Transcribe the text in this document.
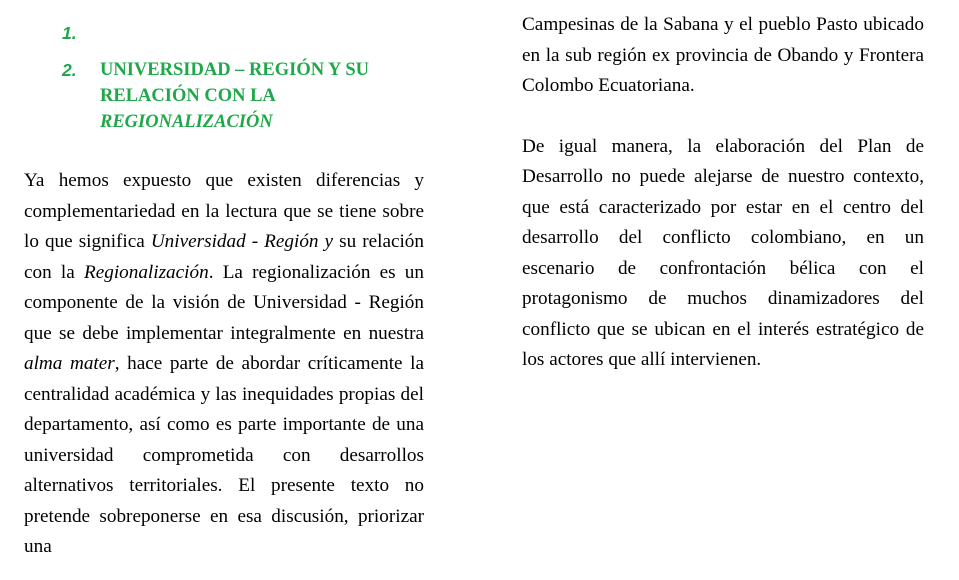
1.
2.	UNIVERSIDAD – REGIÓN Y SU
RELACIÓN CON LA
REGIONALIZACIÓN

Ya hemos expuesto que existen diferencias y complementariedad en la lectura que se tiene sobre lo que significa Universidad - Región y su relación con la Regionalización. La regionalización es un componente de la visión de Universidad - Región que se debe implementar integralmente en nuestra alma mater, hace parte de abordar críticamente la centralidad académica y las inequidades propias del departamento, así como es parte importante de una universidad comprometida con desarrollos alternativos territoriales. El presente texto no pretende sobreponerse en esa discusión, priorizar una

Campesinas de la Sabana y el pueblo Pasto ubicado en la sub región ex provincia de Obando y Frontera Colombo Ecuatoriana.

De igual manera, la elaboración del Plan de Desarrollo no puede alejarse de nuestro contexto, que está caracterizado por estar en el centro del desarrollo del conflicto colombiano, en un escenario de confrontación bélica con el protagonismo de muchos dinamizadores del conflicto que se ubican en el interés estratégico de los actores que allí intervienen.
